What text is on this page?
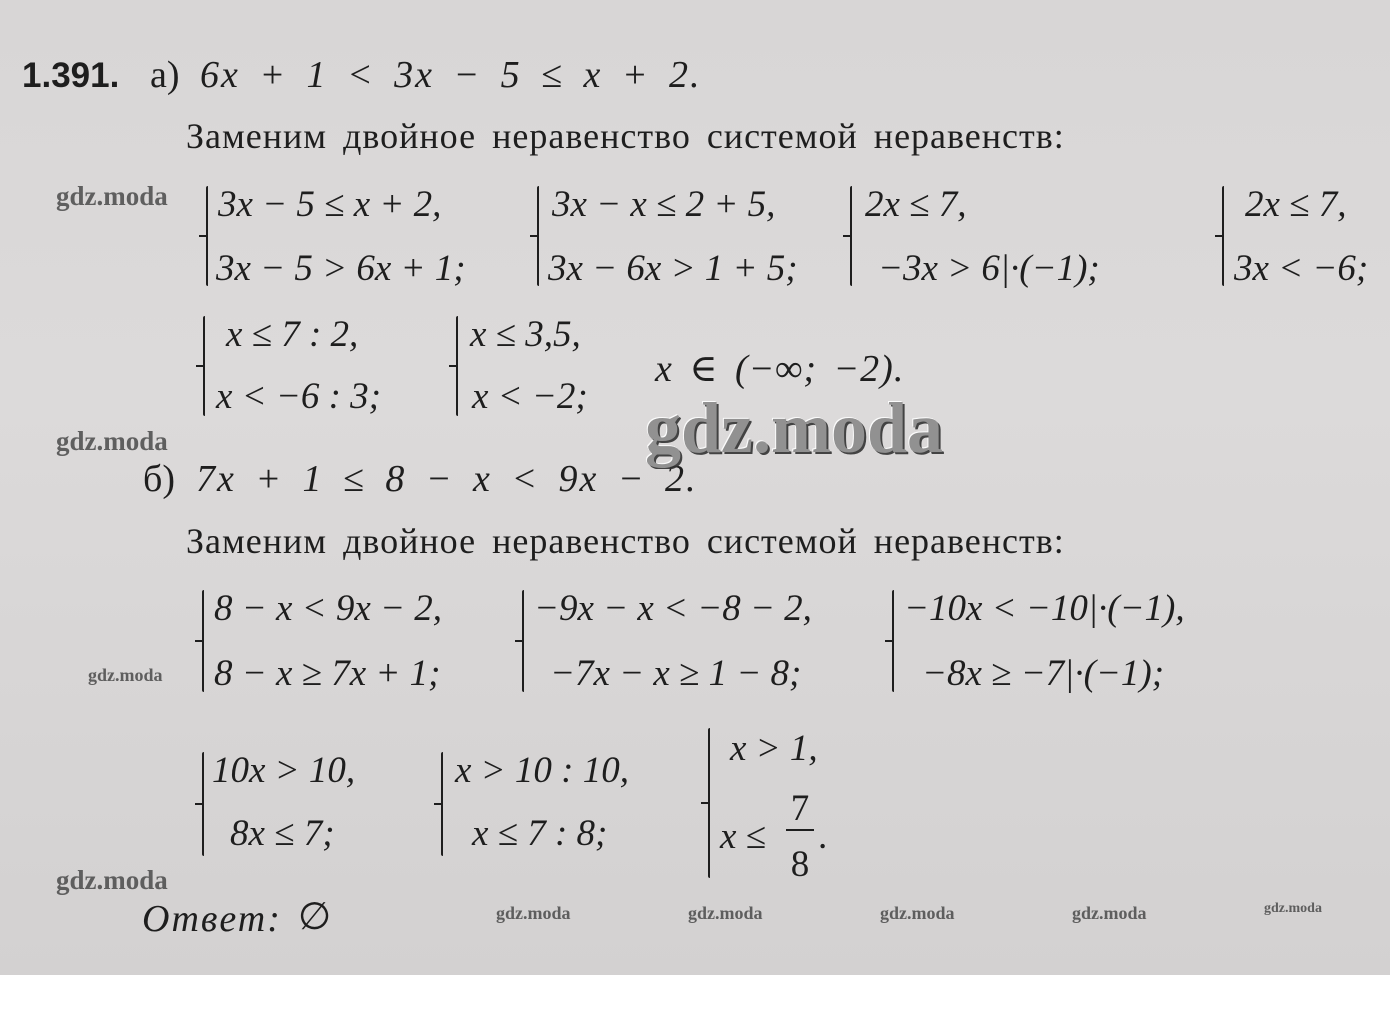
1.391. а) 6x + 1 < 3x − 5 ≤ x + 2.
Заменим двойное неравенство системой неравенств:
3x − 5 ≤ x + 2,
3x − 5 > 6x + 1;
3x − x ≤ 2 + 5,
3x − 6x > 1 + 5;
2x ≤ 7,
−3x > 6|·(−1);
2x ≤ 7,
3x < −6;
x ≤ 7 : 2,
x < −6 : 3;
x ≤ 3,5,
x < −2;
x ∈ (−∞; −2).
б) 7x + 1 ≤ 8 − x < 9x − 2.
Заменим двойное неравенство системой неравенств:
8 − x < 9x − 2,
8 − x ≥ 7x + 1;
−9x − x < −8 − 2,
−7x − x ≥ 1 − 8;
−10x < −10|·(−1),
−8x ≥ −7|·(−1);
10x > 10,
8x ≤ 7;
x > 10 : 10,
x ≤ 7 : 8;
x > 1,
x ≤
7
8
.
Ответ: ∅
gdz.moda
gdz.moda
gdz.moda
gdz.moda
gdz.moda
gdz.moda	gdz.moda	gdz.moda	gdz.moda	gdz.moda
